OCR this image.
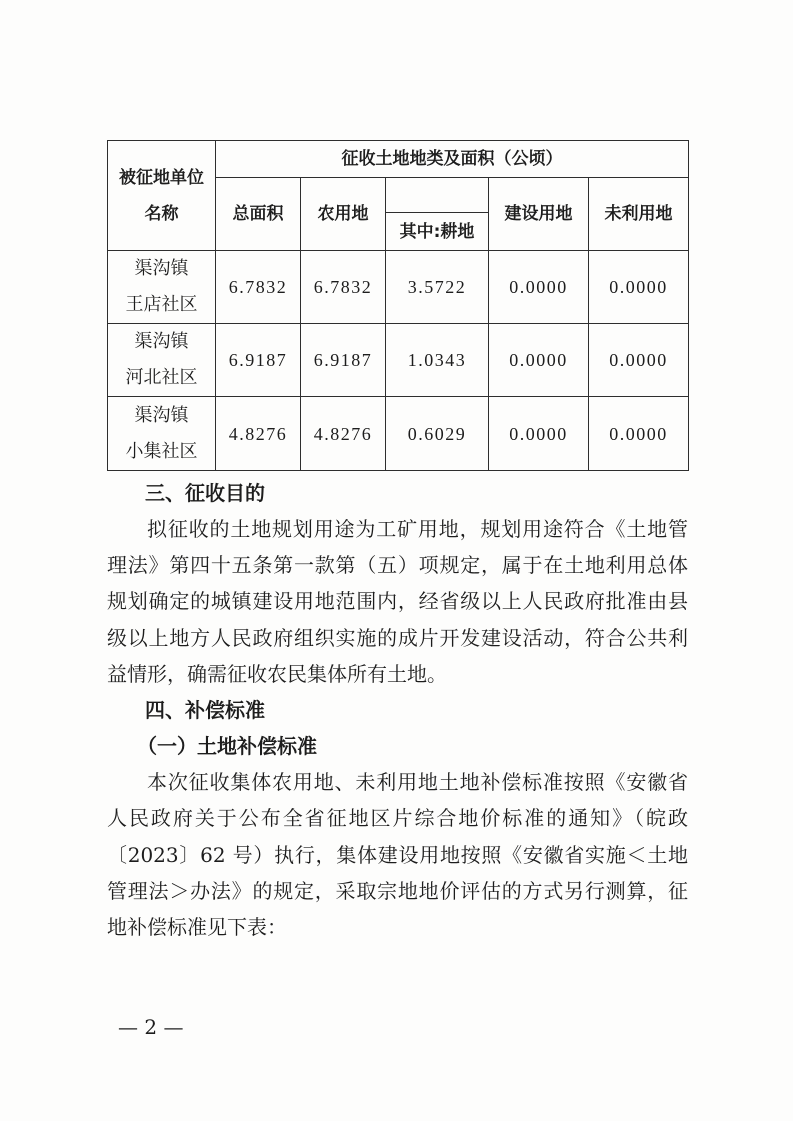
被征地单位
名称	征收土地地类及面积（公顷）				
	总面积	农用地		建设用地	未利用地
			其中:耕地		

渠沟镇
王店社区	6.7832	6.7832	3.5722	0.0000	0.0000

渠沟镇
河北社区	6.9187	6.9187	1.0343	0.0000	0.0000

渠沟镇
小集社区	4.8276	4.8276	0.6029	0.0000	0.0000
三、征收目的
拟征收的土地规划用途为工矿用地，规划用途符合《土地管
理法》第四十五条第一款第（五）项规定，属于在土地利用总体
规划确定的城镇建设用地范围内，经省级以上人民政府批准由县
级以上地方人民政府组织实施的成片开发建设活动，符合公共利
益情形，确需征收农民集体所有土地。
四、补偿标准
（一）土地补偿标准
本次征收集体农用地、未利用地土地补偿标准按照《安徽省
人民政府关于公布全省征地区片综合地价标准的通知》（皖政
〔2023〕62 号）执行，集体建设用地按照《安徽省实施＜土地
管理法＞办法》的规定，采取宗地地价评估的方式另行测算，征
地补偿标准见下表：
— 2 —
